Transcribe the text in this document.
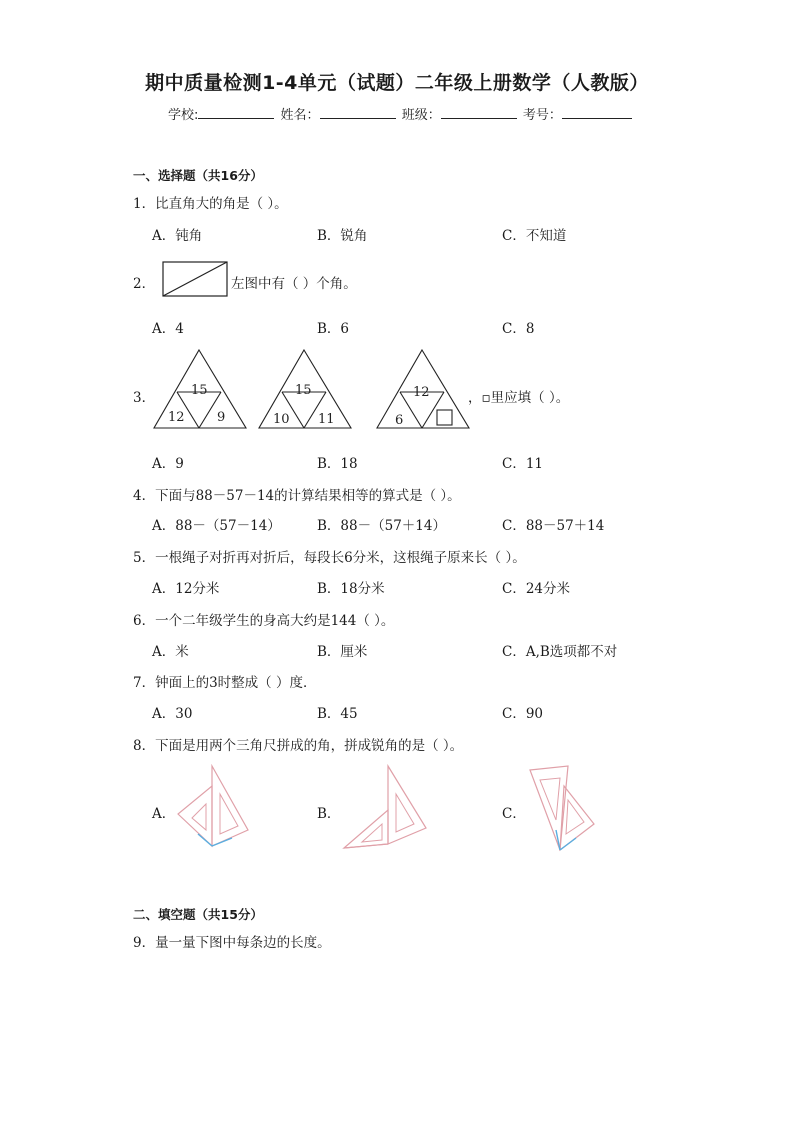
期中质量检测1-4单元（试题）二年级上册数学（人教版）
学校:	姓名：	班级：	考号：
一、选择题（共16分）
1．比直角大的角是（ ）。
A．钝角	B．锐角	C．不知道
2．	左图中有（ ）个角。
A．4	B．6	C．8
3．	15
12 9
15
10 11
12
6
，▫里应填（ ）。
A．9	B．18	C．11
4．下面与88－57－14的计算结果相等的算式是（ ）。
A．88－（57－14）	B．88－（57＋14）	C．88－57＋14
5．一根绳子对折再对折后，每段长6分米，这根绳子原来长（ ）。
A．12分米	B．18分米	C．24分米
6．一个二年级学生的身高大约是144（ ）。
A．米	B．厘米	C．A,B选项都不对
7．钟面上的3时整成（ ）度．
A．30	B．45	C．90
8．下面是用两个三角尺拼成的角，拼成锐角的是（ ）。
A．	B．	C．
二、填空题（共15分）
9．量一量下图中每条边的长度。
